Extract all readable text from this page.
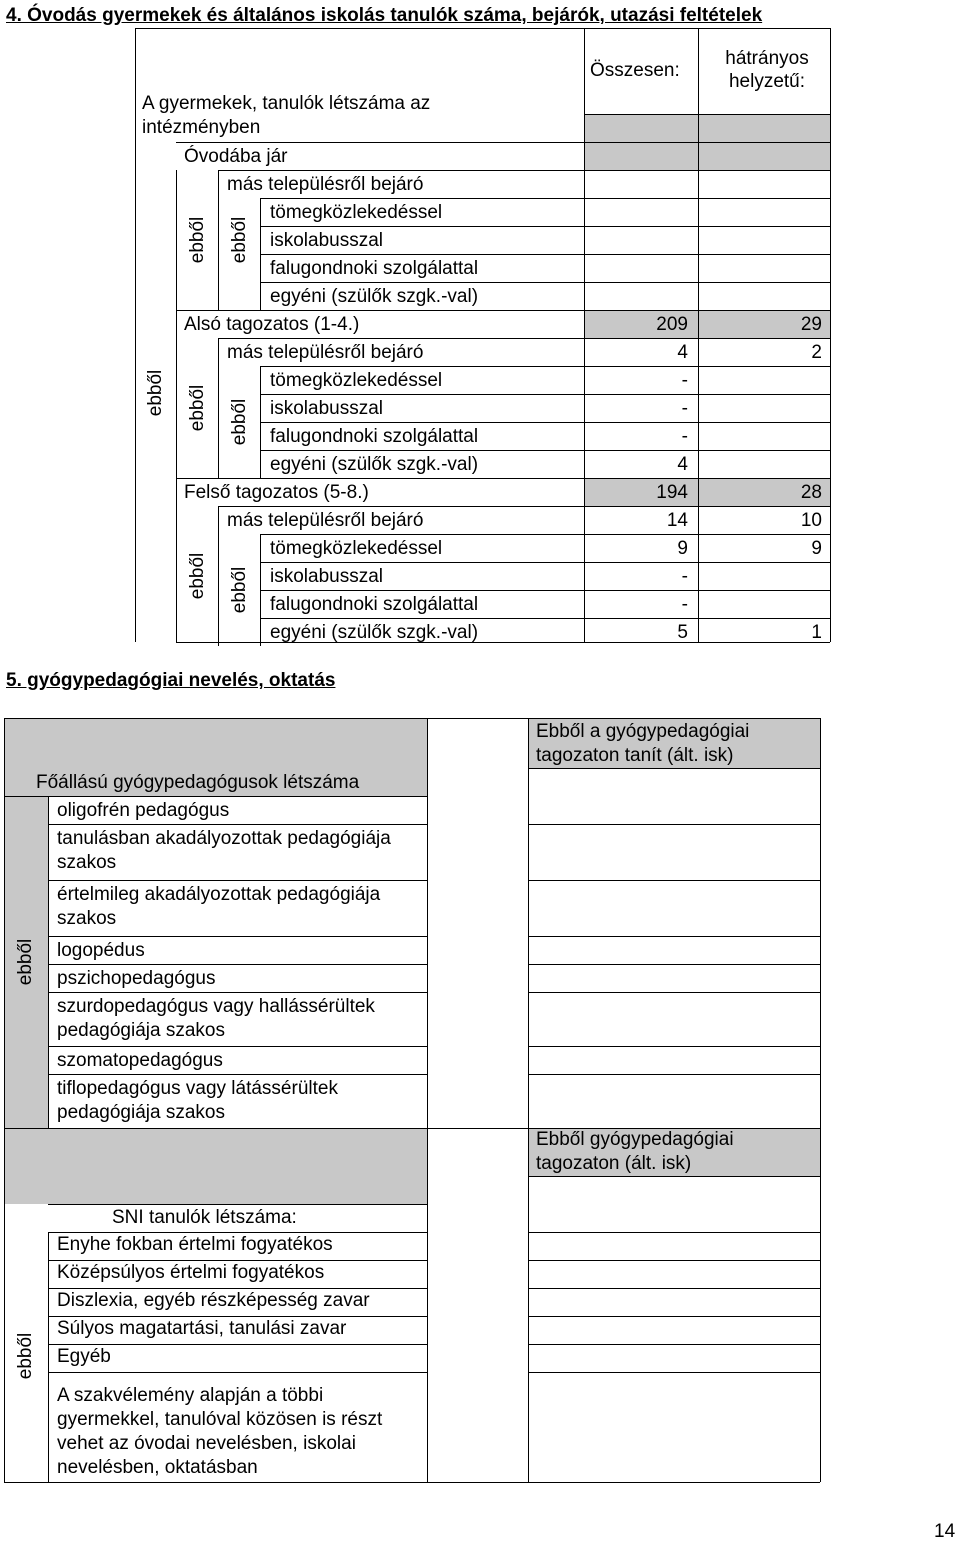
4. Óvodás gyermekek és általános iskolás tanulók száma, bejárók, utazási feltételek
Összesen:
hátrányos helyzetű:
A gyermekek, tanulók létszáma az intézményben
Óvodába jár
más településről bejáró
tömegközlekedéssel
iskolabusszal
falugondnoki szolgálattal
egyéni (szülők szgk.-val)
Alsó tagozatos (1-4.)	209	29
más településről bejáró	4	2
tömegközlekedéssel	-
iskolabusszal	-
falugondnoki szolgálattal	-
egyéni (szülők szgk.-val)	4
Felső tagozatos (5-8.)	194	28
más településről bejáró	14	10
tömegközlekedéssel	9	9
iskolabusszal	-
falugondnoki szolgálattal	-
egyéni (szülők szgk.-val)	5	1
ebből
ebből ebből
ebből ebből
ebből ebből
5. gyógypedagógiai nevelés, oktatás
Ebből a gyógypedagógiai tagozaton tanít (ált. isk)
Főállású gyógypedagógusok létszáma
ebből
oligofrén pedagógus
tanulásban akadályozottak pedagógiája szakos
értelmileg akadályozottak pedagógiája szakos
logopédus
pszichopedagógus
szurdopedagógus vagy hallássérültek pedagógiája szakos
szomatopedagógus
tiflopedagógus vagy látássérültek pedagógiája szakos
Ebből gyógypedagógiai tagozaton (ált. isk)
SNI tanulók létszáma:
ebből
Enyhe fokban értelmi fogyatékos
Középsúlyos értelmi fogyatékos
Diszlexia, egyéb részképesség zavar
Súlyos magatartási, tanulási zavar
Egyéb
A szakvélemény alapján a többi gyermekkel, tanulóval közösen is részt vehet az óvodai nevelésben, iskolai nevelésben, oktatásban
14
